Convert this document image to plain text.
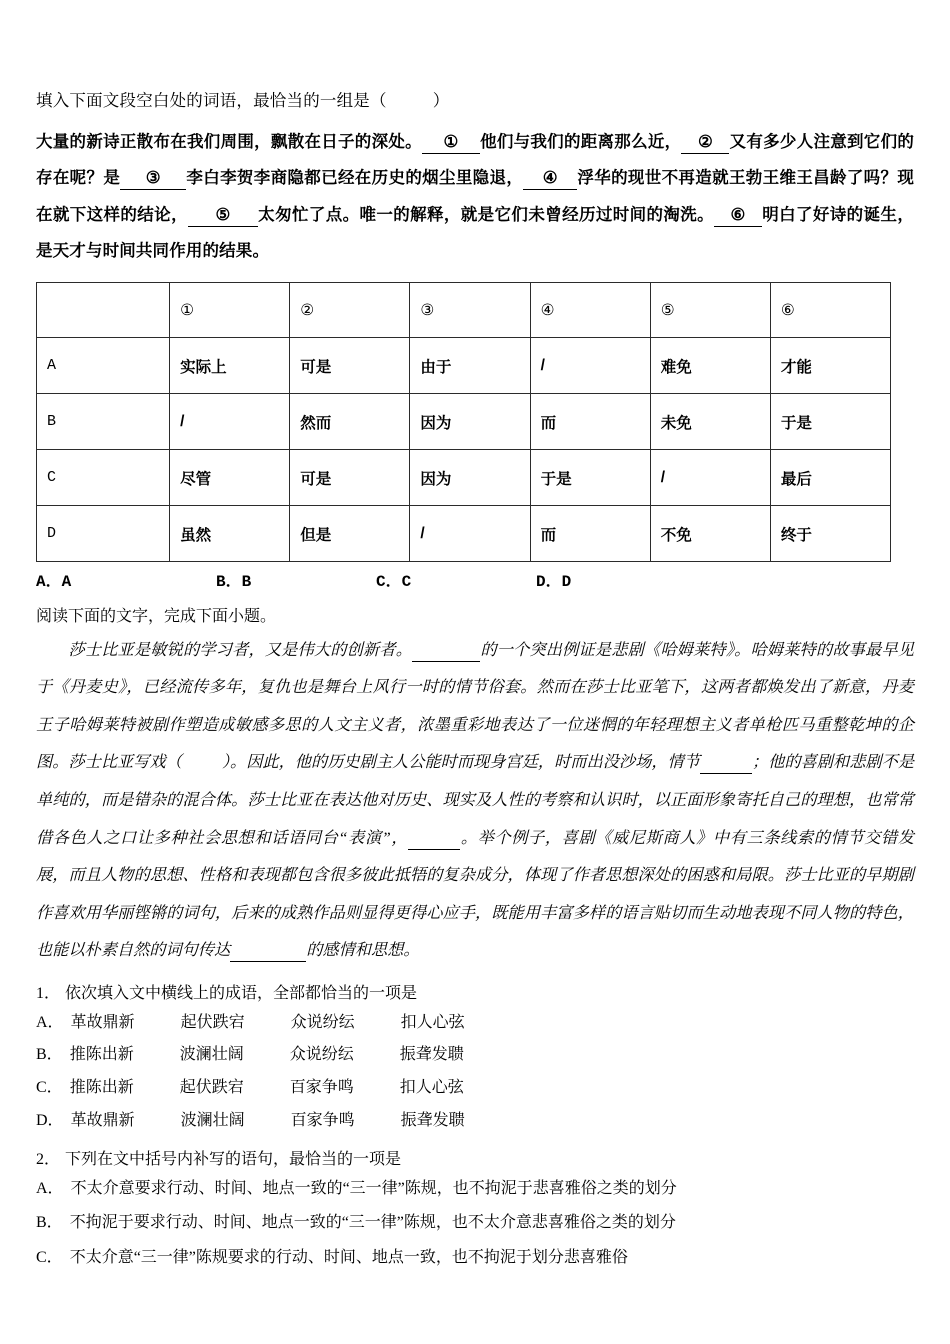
填入下面文段空白处的词语，最恰当的一组是（	）

大量的新诗正散布在我们周围，飘散在日子的深处。 ① 他们与我们的距离那么近， ② 又有多少人注意到它们的存在呢？是 ③ 李白李贺李商隐都已经在历史的烟尘里隐退， ④ 浮华的现世不再造就王勃王维王昌龄了吗？现在就下这样的结论， ⑤ 太匆忙了点。唯一的解释，就是它们未曾经历过时间的淘洗。 ⑥ 明白了好诗的诞生，是天才与时间共同作用的结果。

	①	②	③	④	⑤	⑥
A	实际上	可是	由于	/	难免	才能
B	/	然而	因为	而	未免	于是
C	尽管	可是	因为	于是	/	最后
D	虽然	但是	/	而	不免	终于
A．A	B．B	C．C	D．D
阅读下面的文字，完成下面小题。

莎士比亚是敏锐的学习者，又是伟大的创新者。	的一个突出例证是悲剧《哈姆莱特》。哈姆莱特的故事最早见于《丹麦史》，已经流传多年，复仇也是舞台上风行一时的情节俗套。然而在莎士比亚笔下，这两者都焕发出了新意，丹麦王子哈姆莱特被剧作塑造成敏感多思的人文主义者，浓墨重彩地表达了一位迷惘的年轻理想主义者单枪匹马重整乾坤的企图。莎士比亚写戏（ ）。因此，他的历史剧主人公能时而现身宫廷，时而出没沙场，情节	；他的喜剧和悲剧不是单纯的，而是错杂的混合体。莎士比亚在表达他对历史、现实及人性的考察和认识时，以正面形象寄托自己的理想，也常常借各色人之口让多种社会思想和话语同台“表演”，	。举个例子，喜剧《威尼斯商人》中有三条线索的情节交错发展，而且人物的思想、性格和表现都包含很多彼此抵牾的复杂成分，体现了作者思想深处的困惑和局限。莎士比亚的早期剧作喜欢用华丽铿锵的词句，后来的成熟作品则显得更得心应手，既能用丰富多样的语言贴切而生动地表现不同人物的特色，也能以朴素自然的词句传达	的感情和思想。

1． 依次填入文中横线上的成语，全部都恰当的一项是
A． 革故鼎新	起伏跌宕	众说纷纭	扣人心弦
B． 推陈出新	波澜壮阔	众说纷纭	振聋发聩
C． 推陈出新	起伏跌宕	百家争鸣	扣人心弦
D． 革故鼎新	波澜壮阔	百家争鸣	振聋发聩
2． 下列在文中括号内补写的语句，最恰当的一项是
A． 不太介意要求行动、时间、地点一致的“三一律”陈规，也不拘泥于悲喜雅俗之类的划分
B． 不拘泥于要求行动、时间、地点一致的“三一律”陈规，也不太介意悲喜雅俗之类的划分
C． 不太介意“三一律”陈规要求的行动、时间、地点一致，也不拘泥于划分悲喜雅俗
